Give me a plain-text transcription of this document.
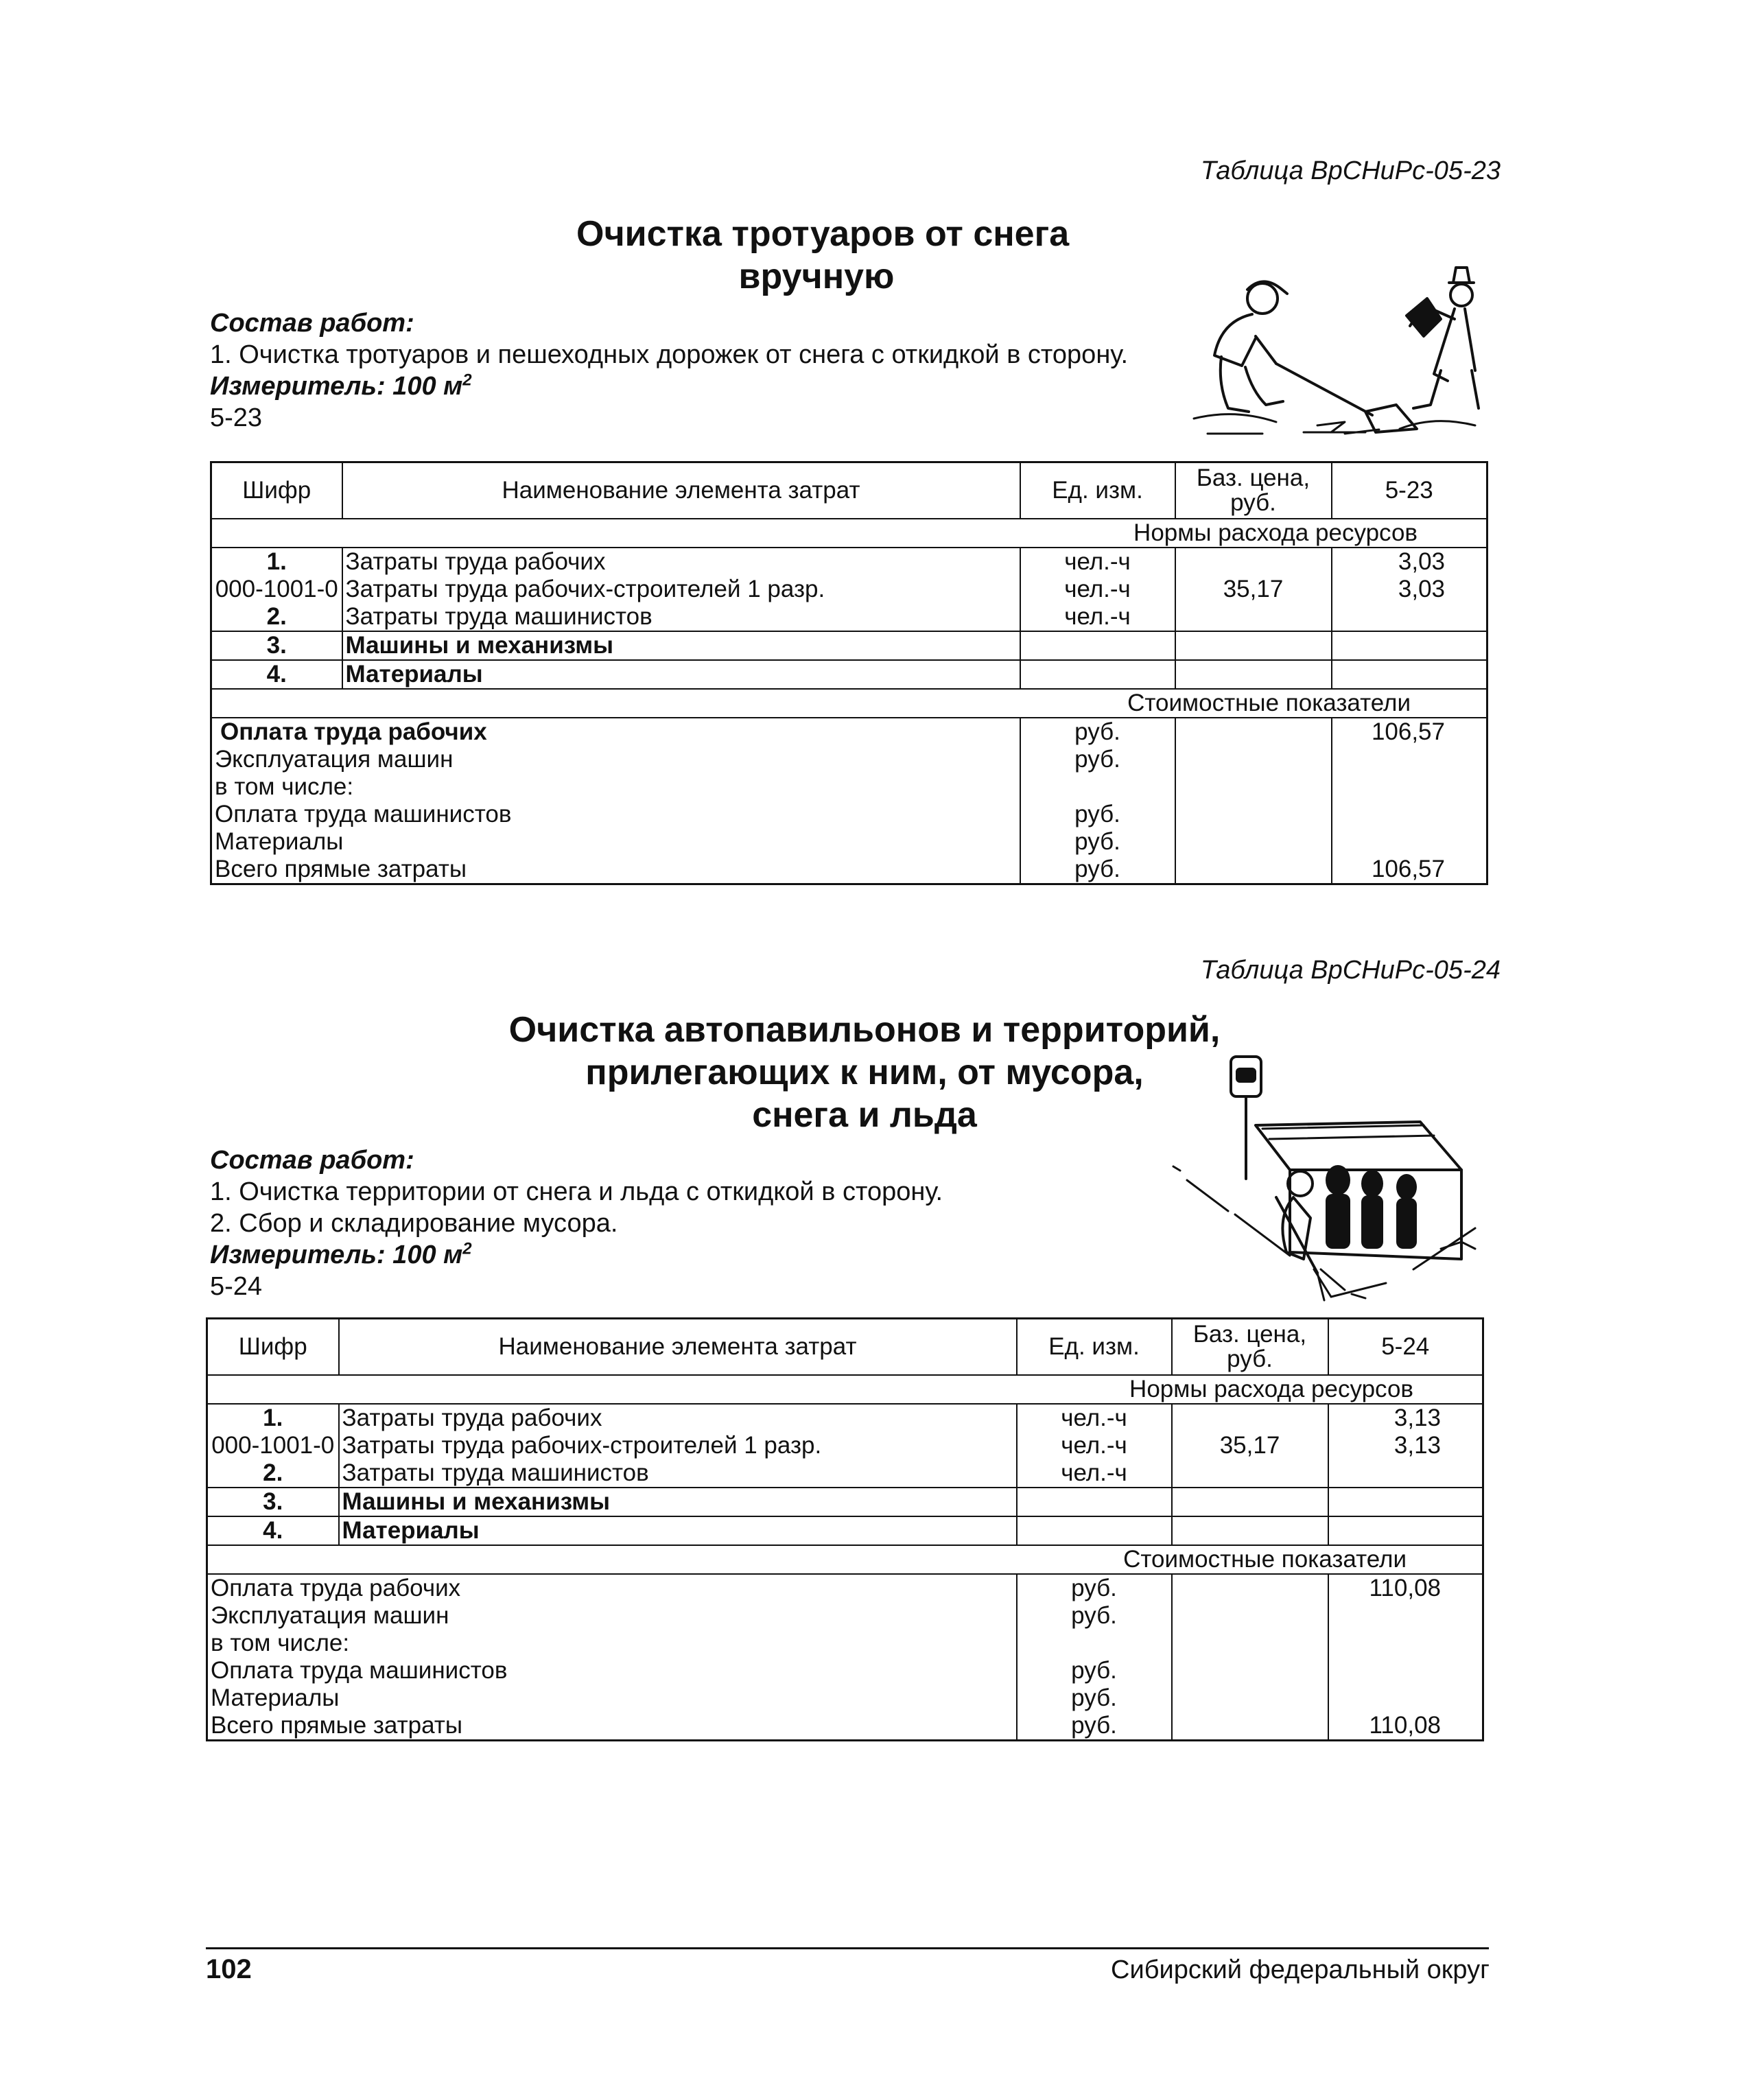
Таблица ВрСНиРс-05-23
Очистка тротуаров от снега
вручную
Состав работ:
1. Очистка тротуаров и пешеходных дорожек от снега с откидкой в сторону.
Измеритель: 100 $м^2$
5-23
Шифр	Наименование элемента затрат	Ед. изм.	Баз. цена, руб.	5-23
Нормы расхода ресурсов				
1.	Затраты труда рабочих	чел.-ч		3,03
000-1001-0	Затраты труда рабочих-строителей 1 разр.	чел.-ч	35,17	3,03
2.	Затраты труда машинистов	чел.-ч		
3.	Машины и механизмы			
4.	Материалы			
Стоимостные показатели				
Оплата труда рабочих		руб.		106,57
Эксплуатация машин		руб.		
в том числе:				
Оплата труда машинистов		руб.		
Материалы		руб.		
Всего прямые затраты		руб.		106,57
Таблица ВрСНиРс-05-24
Очистка автопавильонов и территорий,
прилегающих к ним, от мусора,
снега и льда
Состав работ:
1. Очистка территории от снега и льда с откидкой в сторону.
2. Сбор и складирование мусора.
Измеритель: 100 $м^2$
5-24
Шифр	Наименование элемента затрат	Ед. изм.	Баз. цена, руб.	5-24
Нормы расхода ресурсов				
1.	Затраты труда рабочих	чел.-ч		3,13
000-1001-0	Затраты труда рабочих-строителей 1 разр.	чел.-ч	35,17	3,13
2.	Затраты труда машинистов	чел.-ч		
3.	Машины и механизмы			
4.	Материалы			
Стоимостные показатели				
Оплата труда рабочих		руб.		110,08
Эксплуатация машин		руб.		
в том числе:				
Оплата труда машинистов		руб.		
Материалы		руб.		
Всего прямые затраты		руб.		110,08
102	Сибирский федеральный округ
